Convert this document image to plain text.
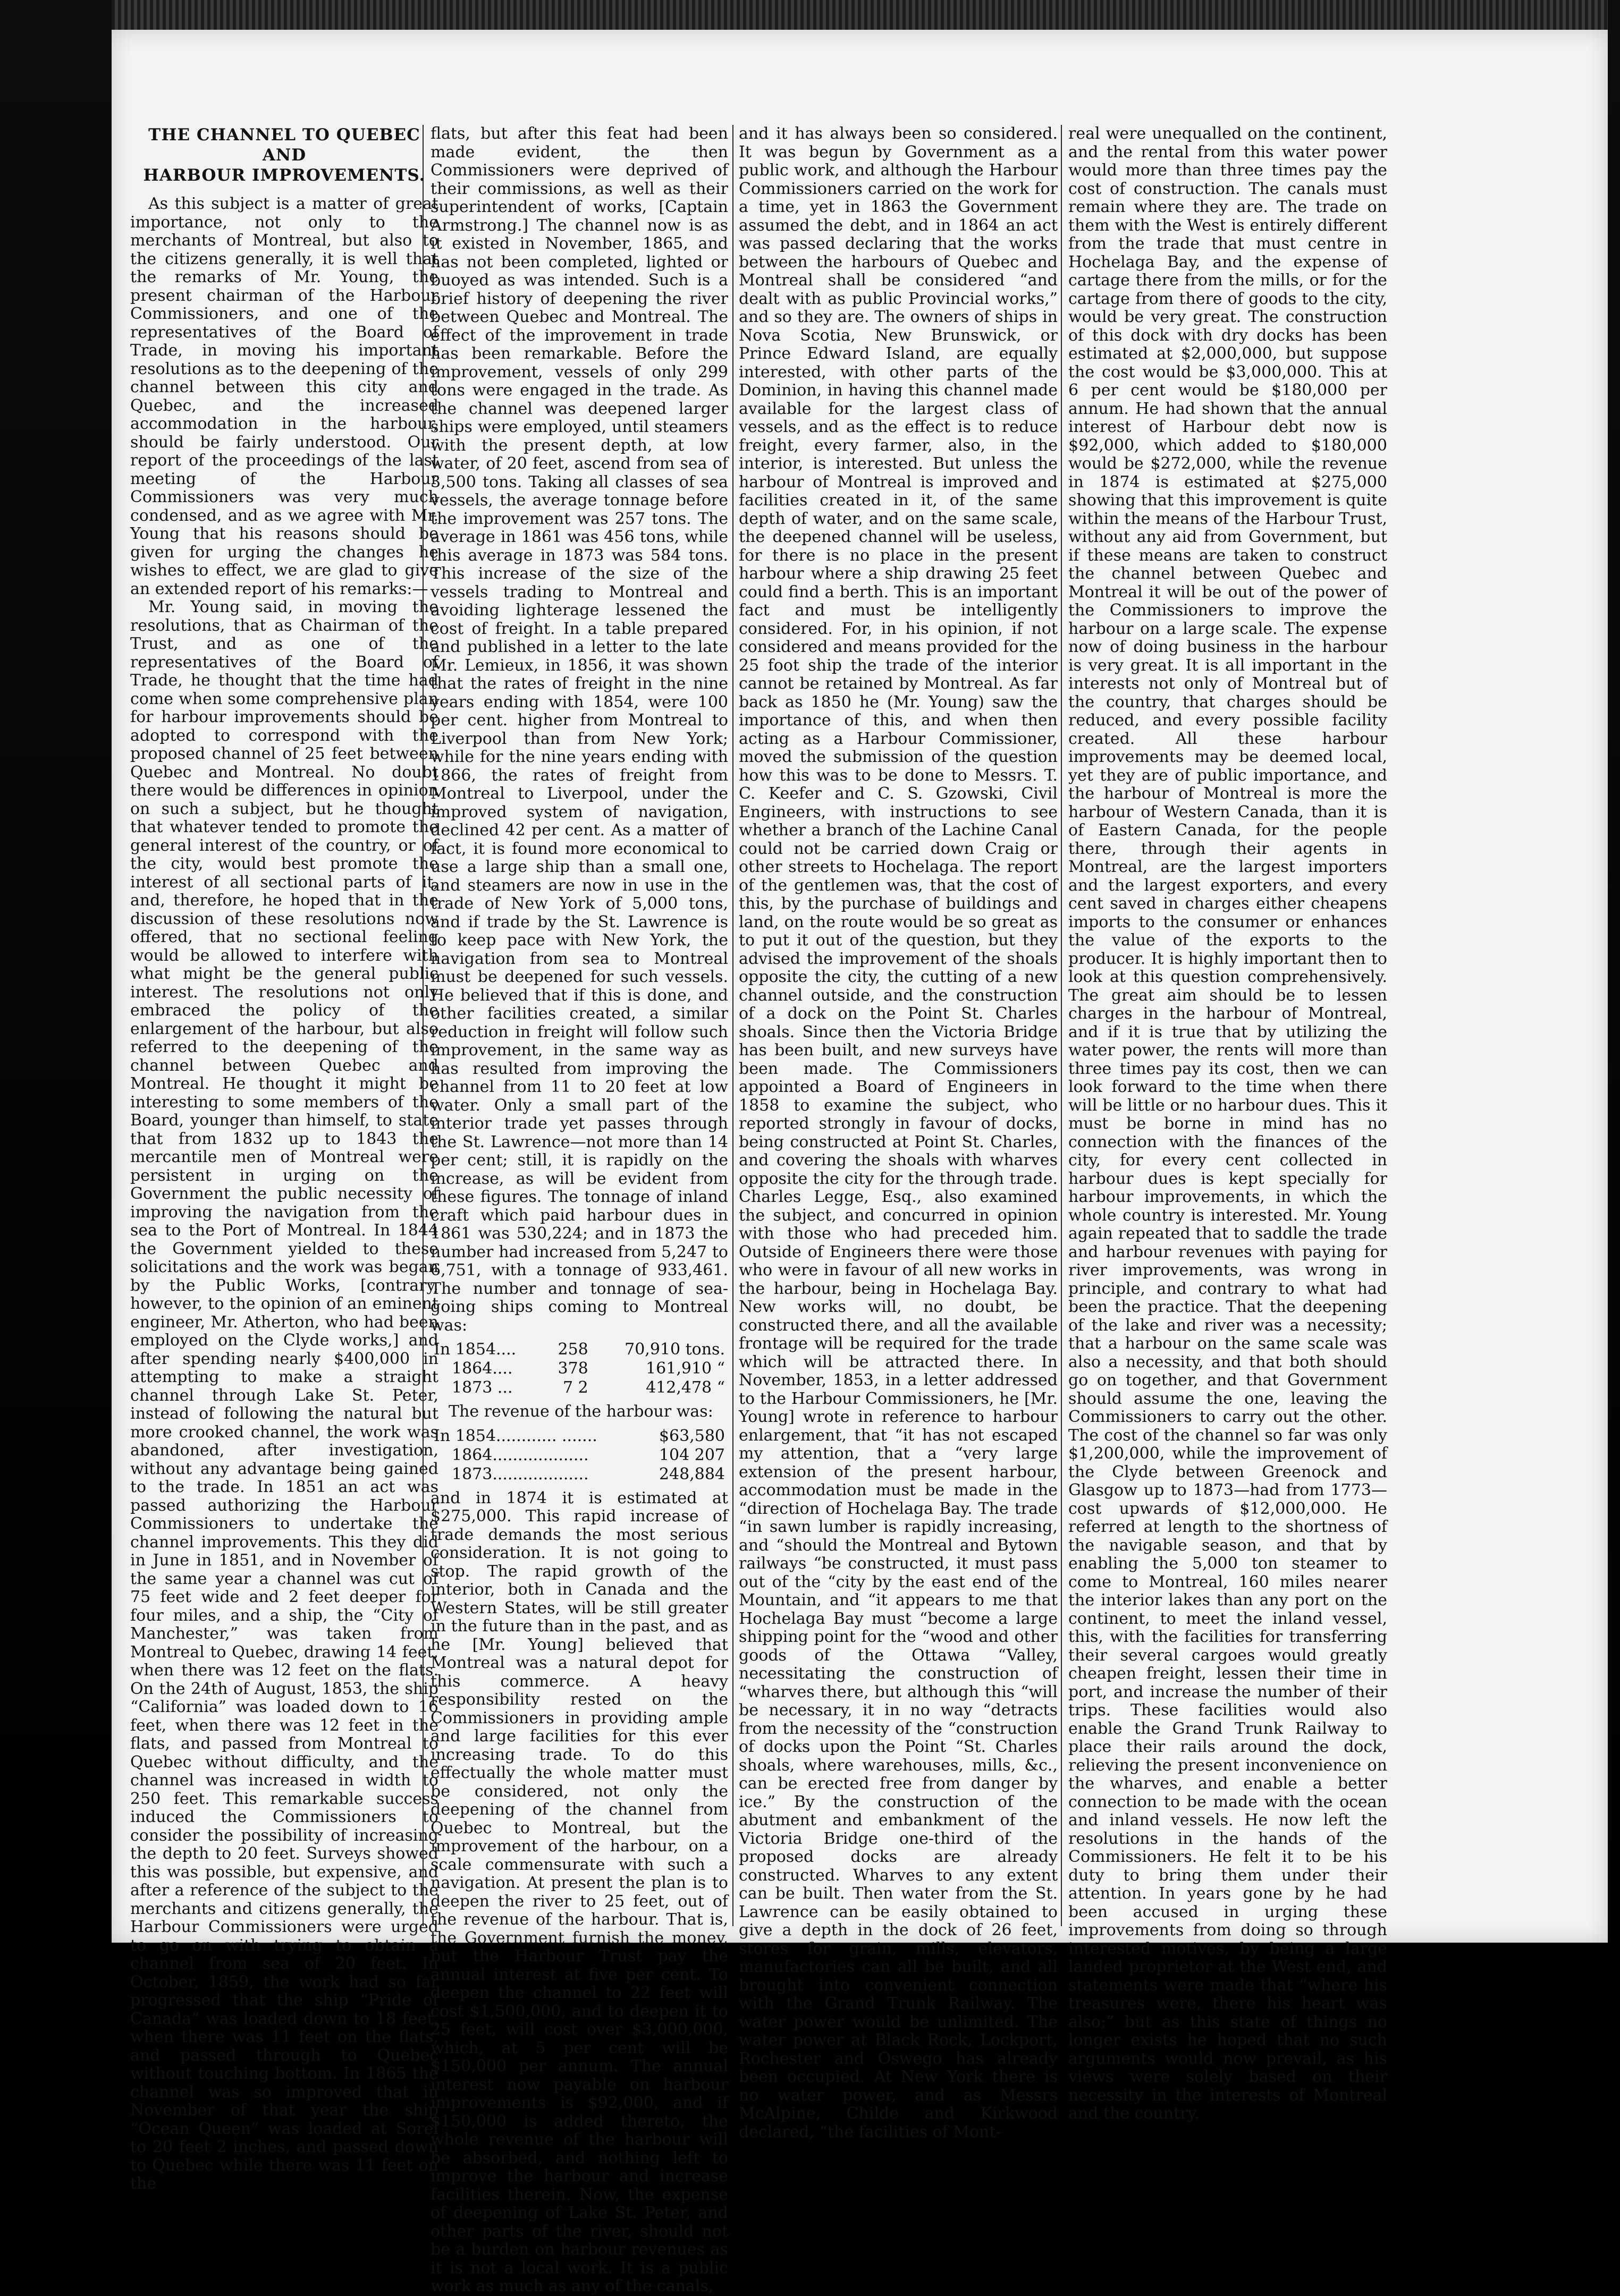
THE CHANNEL TO QUEBEC AND
HARBOUR IMPROVEMENTS.

As this subject is a matter of great importance, not only to the merchants of Montreal, but also to the citizens generally, it is well that the remarks of Mr. Young, the present chairman of the Harbour Commissioners, and one of the representatives of the Board of Trade, in moving his important resolutions as to the deepening of the channel between this city and Quebec, and the increased accommodation in the harbour, should be fairly understood. Our report of the proceedings of the last meeting of the Harbour Commissioners was very much condensed, and as we agree with Mr. Young that his reasons should be given for urging the changes he wishes to effect, we are glad to give an extended report of his remarks:—

Mr. Young said, in moving the resolutions, that as Chairman of the Trust, and as one of the representatives of the Board of Trade, he thought that the time had come when some comprehensive plan for harbour improvements should be adopted to correspond with the proposed channel of 25 feet between Quebec and Montreal. No doubt there would be differences in opinion on such a subject, but he thought that whatever tended to promote the general interest of the country, or of the city, would best promote the interest of all sectional parts of it, and, therefore, he hoped that in the discussion of these resolutions now offered, that no sectional feeling would be allowed to interfere with what might be the general public interest. The resolutions not only embraced the policy of the enlargement of the harbour, but also referred to the deepening of the channel between Quebec and Montreal. He thought it might be interesting to some members of the Board, younger than himself, to state that from 1832 up to 1843 the mercantile men of Montreal were persistent in urging on the Government the public necessity of improving the navigation from the sea to the Port of Montreal. In 1844 the Government yielded to these solicitations and the work was began by the Public Works, [contrary, however, to the opinion of an eminent engineer, Mr. Atherton, who had been employed on the Clyde works,] and after spending nearly $400,000 in attempting to make a straight channel through Lake St. Peter, instead of following the natural but more crooked channel, the work was abandoned, after investigation, without any advantage being gained to the trade. In 1851 an act was passed authorizing the Harbour Commissioners to undertake the channel improvements. This they did in June in 1851, and in November of the same year a channel was cut of 75 feet wide and 2 feet deeper for four miles, and a ship, the “City of Manchester,” was taken from Montreal to Quebec, drawing 14 feet, when there was 12 feet on the flats. On the 24th of August, 1853, the ship “California” was loaded down to 16 feet, when there was 12 feet in the flats, and passed from Montreal to Quebec without difficulty, and the channel was increased in width to 250 feet. This remarkable success induced the Commissioners to consider the possibility of increasing the depth to 20 feet. Surveys showed this was possible, but expensive, and after a reference of the subject to the merchants and citizens generally, the Harbour Commissioners were urged to go on with trying to obtain a channel from sea of 20 feet. In October, 1859, the work had so far progressed that the ship “Pride of Canada” was loaded down to 18 feet, when there was 11 feet on the flats, and passed through to Quebec without touching bottom. In 1865 the channel was so improved that in November of that year the ship “Ocean Queen” was loaded at Sorel to 20 feet 2 inches, and passed down to Quebec while there was 11 feet on the

flats, but after this feat had been made evident, the then Commissioners were deprived of their commissions, as well as their superintendent of works, [Captain Armstrong.] The channel now is as it existed in November, 1865, and has not been completed, lighted or buoyed as was intended. Such is a brief history of deepening the river between Quebec and Montreal. The effect of the improvement in trade has been remarkable. Before the improvement, vessels of only 299 tons were engaged in the trade. As the channel was deepened larger ships were employed, until steamers with the present depth, at low water, of 20 feet, ascend from sea of 3,500 tons. Taking all classes of sea vessels, the average tonnage before the improvement was 257 tons. The average in 1861 was 456 tons, while this average in 1873 was 584 tons. This increase of the size of the vessels trading to Montreal and avoiding lighterage lessened the cost of freight. In a table prepared and published in a letter to the late Mr. Lemieux, in 1856, it was shown that the rates of freight in the nine years ending with 1854, were 100 per cent. higher from Montreal to Liverpool than from New York; while for the nine years ending with 1866, the rates of freight from Montreal to Liverpool, under the improved system of navigation, declined 42 per cent. As a matter of fact, it is found more economical to use a large ship than a small one, and steamers are now in use in the trade of New York of 5,000 tons, and if trade by the St. Lawrence is to keep pace with New York, the navigation from sea to Montreal must be deepened for such vessels. He believed that if this is done, and other facilities created, a similar reduction in freight will follow such improvement, in the same way as has resulted from improving the channel from 11 to 20 feet at low water. Only a small part of the interior trade yet passes through the St. Lawrence—not more than 14 per cent; still, it is rapidly on the increase, as will be evident from these figures. The tonnage of inland craft which paid harbour dues in 1861 was 530,224; and in 1873 the number had increased from 5,247 to 6,751, with a tonnage of 933,461. The number and tonnage of sea-going ships coming to Montreal was:

In 1854....	258	70,910 tons.
1864....	378	161,910 “
1873 ...	7 2	412,478 “

The revenue of the harbour was:

In 1854............ .......	$63,580
1864...................	104 207
1873...................	248,884

and in 1874 it is estimated at $275,000. This rapid increase of trade demands the most serious consideration. It is not going to stop. The rapid growth of the interior, both in Canada and the Western States, will be still greater in the future than in the past, and as he [Mr. Young] believed that Montreal was a natural depot for this commerce. A heavy responsibility rested on the Commissioners in providing ample and large facilities for this ever increasing trade. To do this effectually the whole matter must be considered, not only the deepening of the channel from Quebec to Montreal, but the improvement of the harbour, on a scale commensurate with such a navigation. At present the plan is to deepen the river to 25 feet, out of the revenue of the harbour. That is, the Government furnish the money, but the Harbour Trust pay the annual interest at five per cent. To deepen the channel to 22 feet will cost $1,500,000, and to deepen it to 25 feet, will cost over $3,000,000, which, at 5 per cent will be $150,000 per annum. The annual interest now payable on harbour improvements is $92,000, and if $150,000 is added thereto, the whole revenue of the harbour will be absorbed, and nothing left to improve the harbour and increase facilities therein. Now, the expense of deepening of Lake St. Peter, and other parts of the river, should not be a burden on harbour revenues as it is not a local work. It is a public work as much as any of the canals,

and it has always been so considered. It was begun by Government as a public work, and although the Harbour Commissioners carried on the work for a time, yet in 1863 the Government assumed the debt, and in 1864 an act was passed declaring that the works between the harbours of Quebec and Montreal shall be considered “and dealt with as public Provincial works,” and so they are. The owners of ships in Nova Scotia, New Brunswick, or Prince Edward Island, are equally interested, with other parts of the Dominion, in having this channel made available for the largest class of vessels, and as the effect is to reduce freight, every farmer, also, in the interior, is interested. But unless the harbour of Montreal is improved and facilities created in it, of the same depth of water, and on the same scale, the deepened channel will be useless, for there is no place in the present harbour where a ship drawing 25 feet could find a berth. This is an important fact and must be intelligently considered. For, in his opinion, if not considered and means provided for the 25 foot ship the trade of the interior cannot be retained by Montreal. As far back as 1850 he (Mr. Young) saw the importance of this, and when then acting as a Harbour Commissioner, moved the submission of the question how this was to be done to Messrs. T. C. Keefer and C. S. Gzowski, Civil Engineers, with instructions to see whether a branch of the Lachine Canal could not be carried down Craig or other streets to Hochelaga. The report of the gentlemen was, that the cost of this, by the purchase of buildings and land, on the route would be so great as to put it out of the question, but they advised the improvement of the shoals opposite the city, the cutting of a new channel outside, and the construction of a dock on the Point St. Charles shoals. Since then the Victoria Bridge has been built, and new surveys have been made. The Commissioners appointed a Board of Engineers in 1858 to examine the subject, who reported strongly in favour of docks, being constructed at Point St. Charles, and covering the shoals with wharves opposite the city for the through trade. Charles Legge, Esq., also examined the subject, and concurred in opinion with those who had preceded him. Outside of Engineers there were those who were in favour of all new works in the harbour, being in Hochelaga Bay. New works will, no doubt, be constructed there, and all the available frontage will be required for the trade which will be attracted there. In November, 1853, in a letter addressed to the Harbour Commissioners, he [Mr. Young] wrote in reference to harbour enlargement, that “it has not escaped my attention, that a “very large extension of the present harbour, accommodation must be made in the “direction of Hochelaga Bay. The trade “in sawn lumber is rapidly increasing, and “should the Montreal and Bytown railways “be constructed, it must pass out of the “city by the east end of the Mountain, and “it appears to me that Hochelaga Bay must “become a large shipping point for the “wood and other goods of the Ottawa “Valley, necessitating the construction of “wharves there, but although this “will be necessary, it in no way “detracts from the necessity of the “construction of docks upon the Point “St. Charles shoals, where warehouses, mills, &c., can be erected free from danger by ice.” By the construction of the abutment and embankment of the Victoria Bridge one-third of the proposed docks are already constructed. Wharves to any extent can be built. Then water from the St. Lawrence can be easily obtained to give a depth in the dock of 26 feet, stores for grain, mills, elevators, manufactories can all be built, and all brought into convenient connection with the Grand Trunk Railway. The water power would be unlimited. The water power at Black Rock, Lockport, Rochester and Oswego has already been occupied. At New York there is no water power, and as Messrs McAlpine, Childe and Kirkwood declared, “the facilities of Mont-

real were unequalled on the continent, and the rental from this water power would more than three times pay the cost of construction. The canals must remain where they are. The trade on them with the West is entirely different from the trade that must centre in Hochelaga Bay, and the expense of cartage there from the mills, or for the cartage from there of goods to the city, would be very great. The construction of this dock with dry docks has been estimated at $2,000,000, but suppose the cost would be $3,000,000. This at 6 per cent would be $180,000 per annum. He had shown that the annual interest of Harbour debt now is $92,000, which added to $180,000 would be $272,000, while the revenue in 1874 is estimated at $275,000 showing that this improvement is quite within the means of the Harbour Trust, without any aid from Government, but if these means are taken to construct the channel between Quebec and Montreal it will be out of the power of the Commissioners to improve the harbour on a large scale. The expense now of doing business in the harbour is very great. It is all important in the interests not only of Montreal but of the country, that charges should be reduced, and every possible facility created. All these harbour improvements may be deemed local, yet they are of public importance, and the harbour of Montreal is more the harbour of Western Canada, than it is of Eastern Canada, for the people there, through their agents in Montreal, are the largest importers and the largest exporters, and every cent saved in charges either cheapens imports to the consumer or enhances the value of the exports to the producer. It is highly important then to look at this question comprehensively. The great aim should be to lessen charges in the harbour of Montreal, and if it is true that by utilizing the water power, the rents will more than three times pay its cost, then we can look forward to the time when there will be little or no harbour dues. This it must be borne in mind has no connection with the finances of the city, for every cent collected in harbour dues is kept specially for harbour improvements, in which the whole country is interested. Mr. Young again repeated that to saddle the trade and harbour revenues with paying for river improvements, was wrong in principle, and contrary to what had been the practice. That the deepening of the lake and river was a necessity; that a harbour on the same scale was also a necessity, and that both should go on together, and that Government should assume the one, leaving the Commissioners to carry out the other. The cost of the channel so far was only $1,200,000, while the improvement of the Clyde between Greenock and Glasgow up to 1873—had from 1773—cost upwards of $12,000,000. He referred at length to the shortness of the navigable season, and that by enabling the 5,000 ton steamer to come to Montreal, 160 miles nearer the interior lakes than any port on the continent, to meet the inland vessel, this, with the facilities for transferring their several cargoes would greatly cheapen freight, lessen their time in port, and increase the number of their trips. These facilities would also enable the Grand Trunk Railway to place their rails around the dock, relieving the present inconvenience on the wharves, and enable a better connection to be made with the ocean and inland vessels. He now left the resolutions in the hands of the Commissioners. He felt it to be his duty to bring them under their attention. In years gone by he had been accused in urging these improvements from doing so through interested motives, by being a large landed proprietor at the West end, and statements were made that “where his treasures were, there his heart was also;” but as this state of things no longer exists he hoped that no such arguments would now prevail, as his views were solely based on their necessity in the interests of Montreal and the country.
